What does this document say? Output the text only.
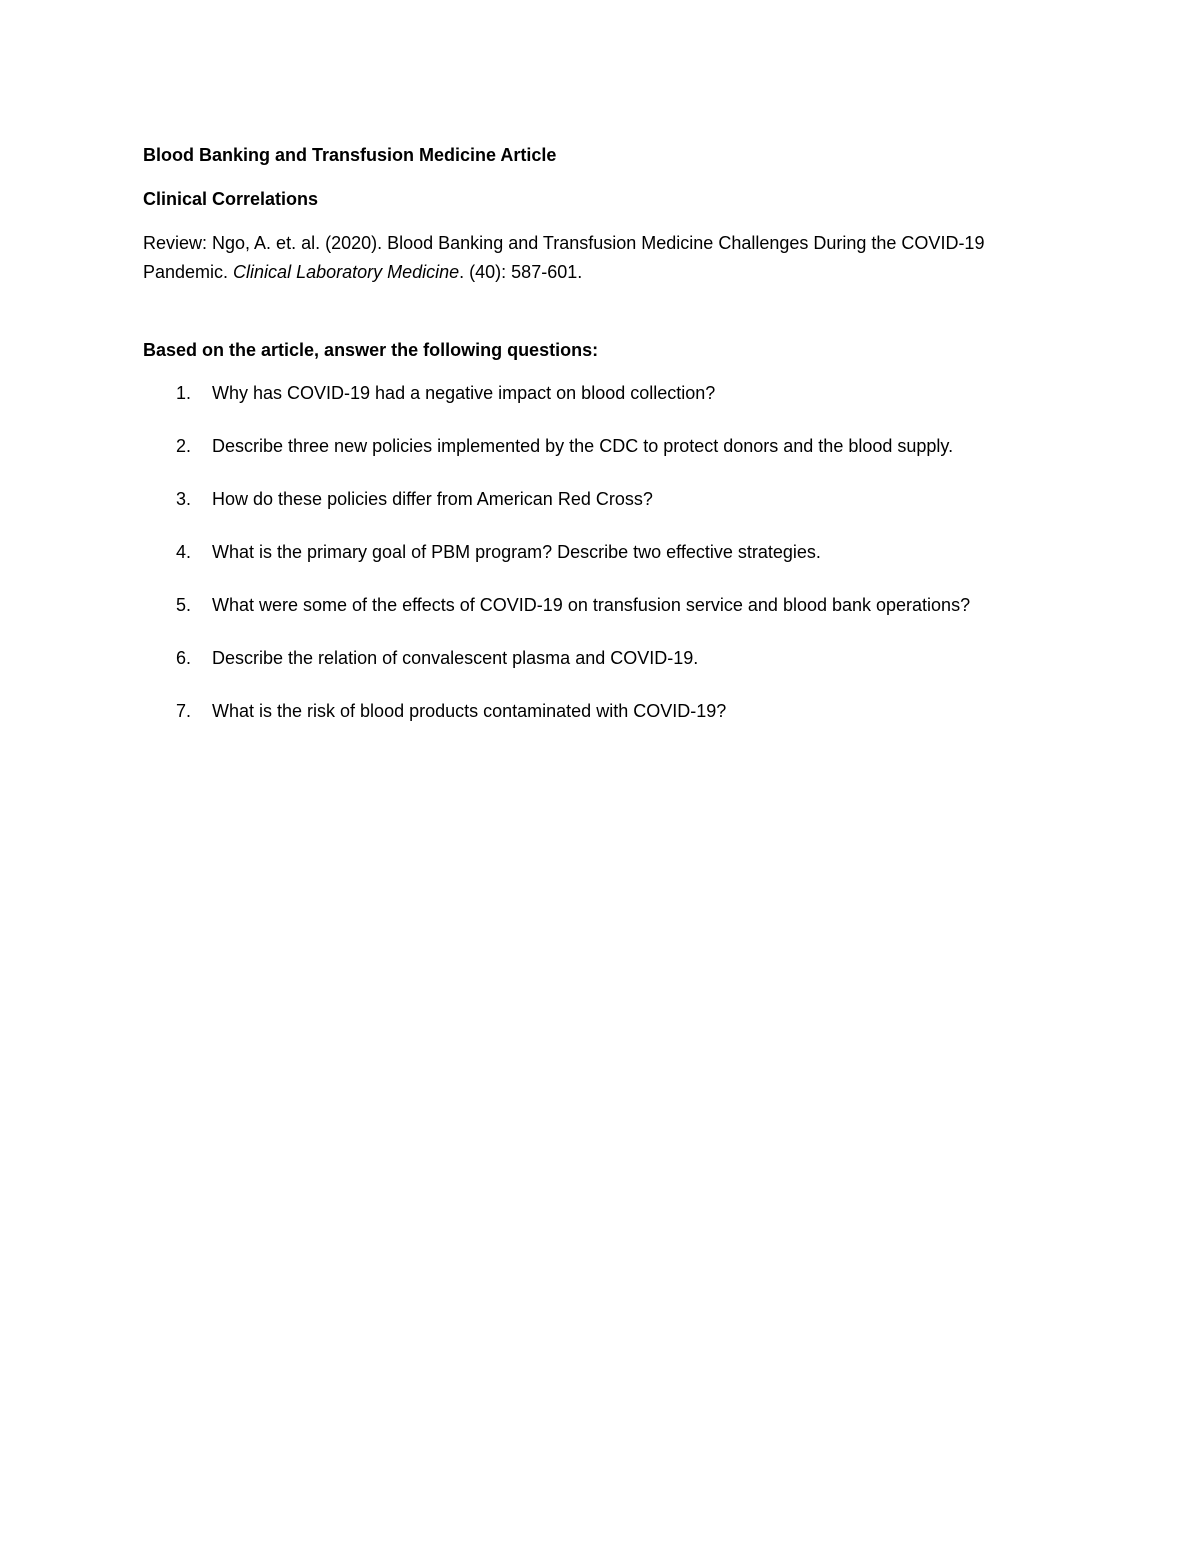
Blood Banking and Transfusion Medicine Article

Clinical Correlations

Review: Ngo, A. et. al. (2020). Blood Banking and Transfusion Medicine Challenges During the COVID-19
Pandemic. Clinical Laboratory Medicine. (40): 587-601.

Based on the article, answer the following questions:

1. Why has COVID-19 had a negative impact on blood collection?
2. Describe three new policies implemented by the CDC to protect donors and the blood supply.
3. How do these policies differ from American Red Cross?
4. What is the primary goal of PBM program? Describe two effective strategies.
5. What were some of the effects of COVID-19 on transfusion service and blood bank operations?
6. Describe the relation of convalescent plasma and COVID-19.
7. What is the risk of blood products contaminated with COVID-19?
